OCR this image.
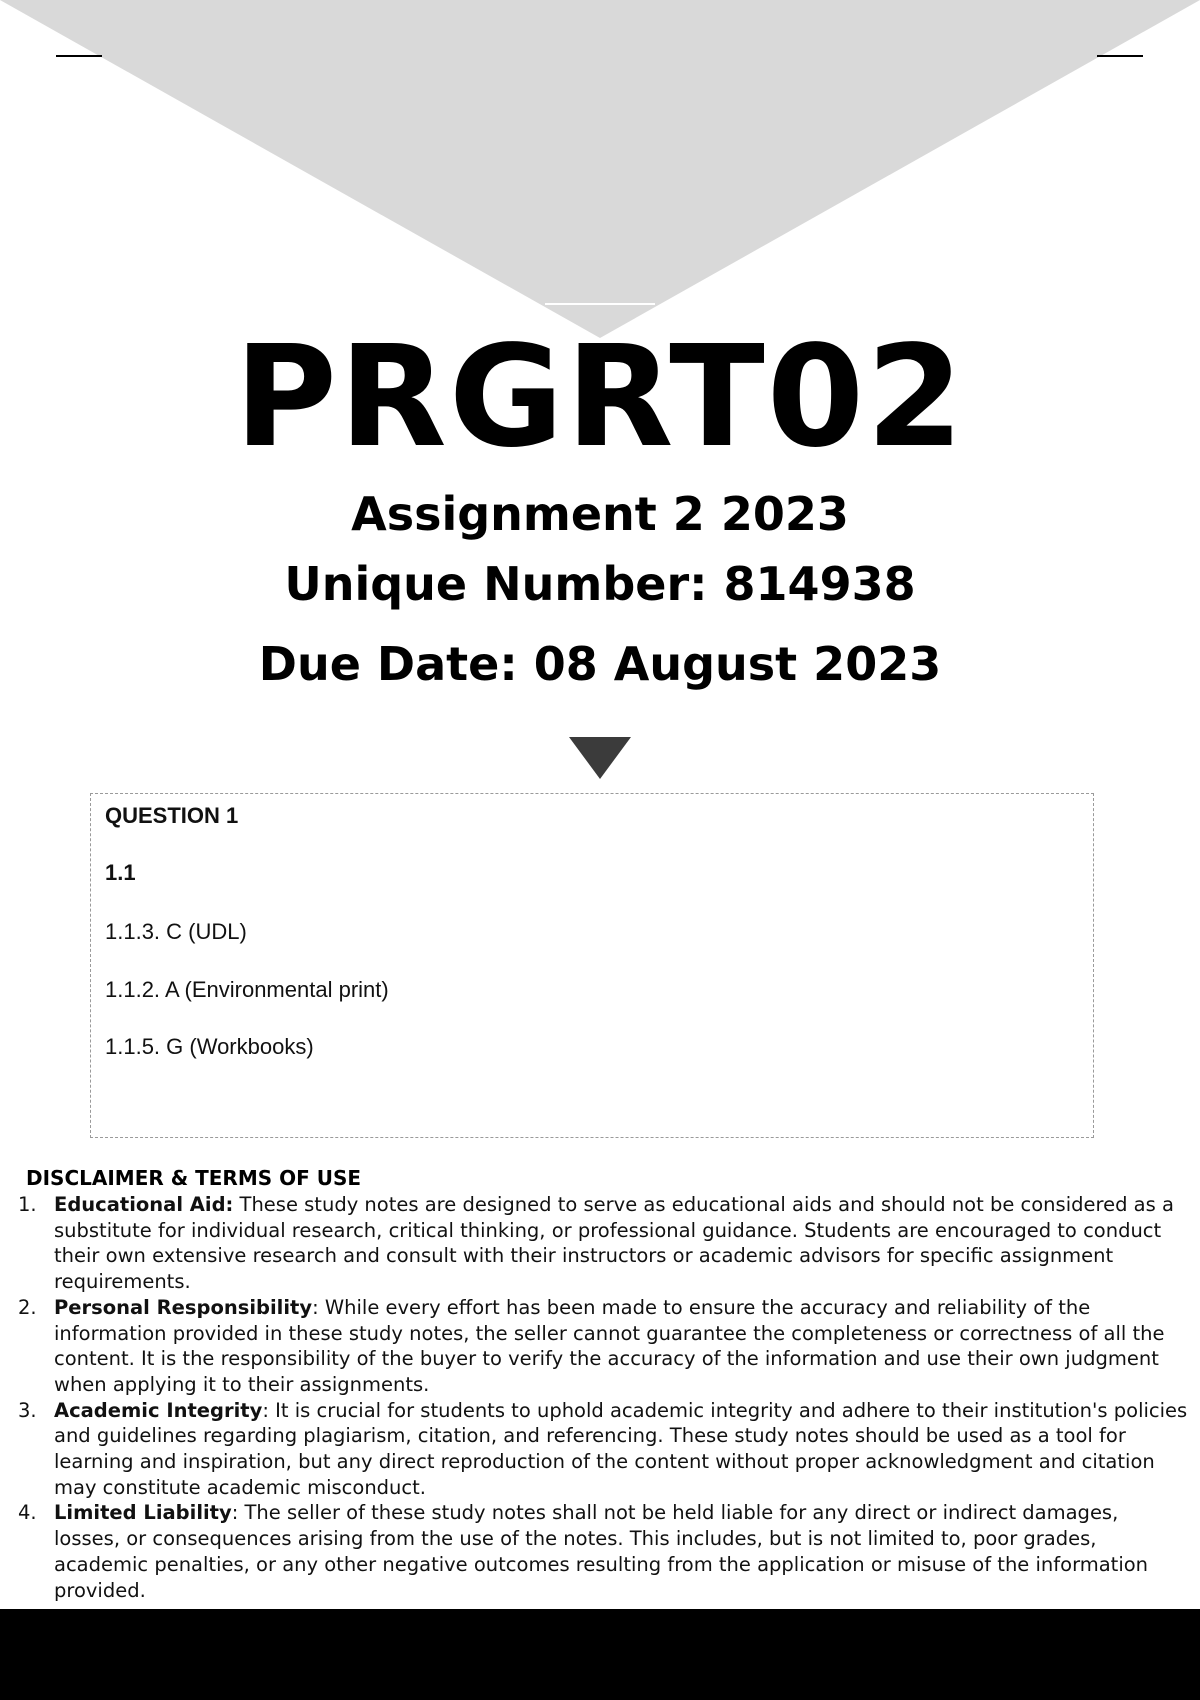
PRGRT02
Assignment 2 2023
Unique Number: 814938
Due Date: 08 August 2023
QUESTION 1
1.1
1.1.3. C (UDL)
1.1.2. A (Environmental print)
1.1.5. G (Workbooks)
DISCLAIMER & TERMS OF USE
1. Educational Aid: These study notes are designed to serve as educational aids and should not be considered as a substitute for individual research, critical thinking, or professional guidance. Students are encouraged to conduct their own extensive research and consult with their instructors or academic advisors for specific assignment requirements.
2. Personal Responsibility: While every effort has been made to ensure the accuracy and reliability of the information provided in these study notes, the seller cannot guarantee the completeness or correctness of all the content. It is the responsibility of the buyer to verify the accuracy of the information and use their own judgment when applying it to their assignments.
3. Academic Integrity: It is crucial for students to uphold academic integrity and adhere to their institution's policies and guidelines regarding plagiarism, citation, and referencing. These study notes should be used as a tool for learning and inspiration, but any direct reproduction of the content without proper acknowledgment and citation may constitute academic misconduct.
4. Limited Liability: The seller of these study notes shall not be held liable for any direct or indirect damages, losses, or consequences arising from the use of the notes. This includes, but is not limited to, poor grades, academic penalties, or any other negative outcomes resulting from the application or misuse of the information provided.
